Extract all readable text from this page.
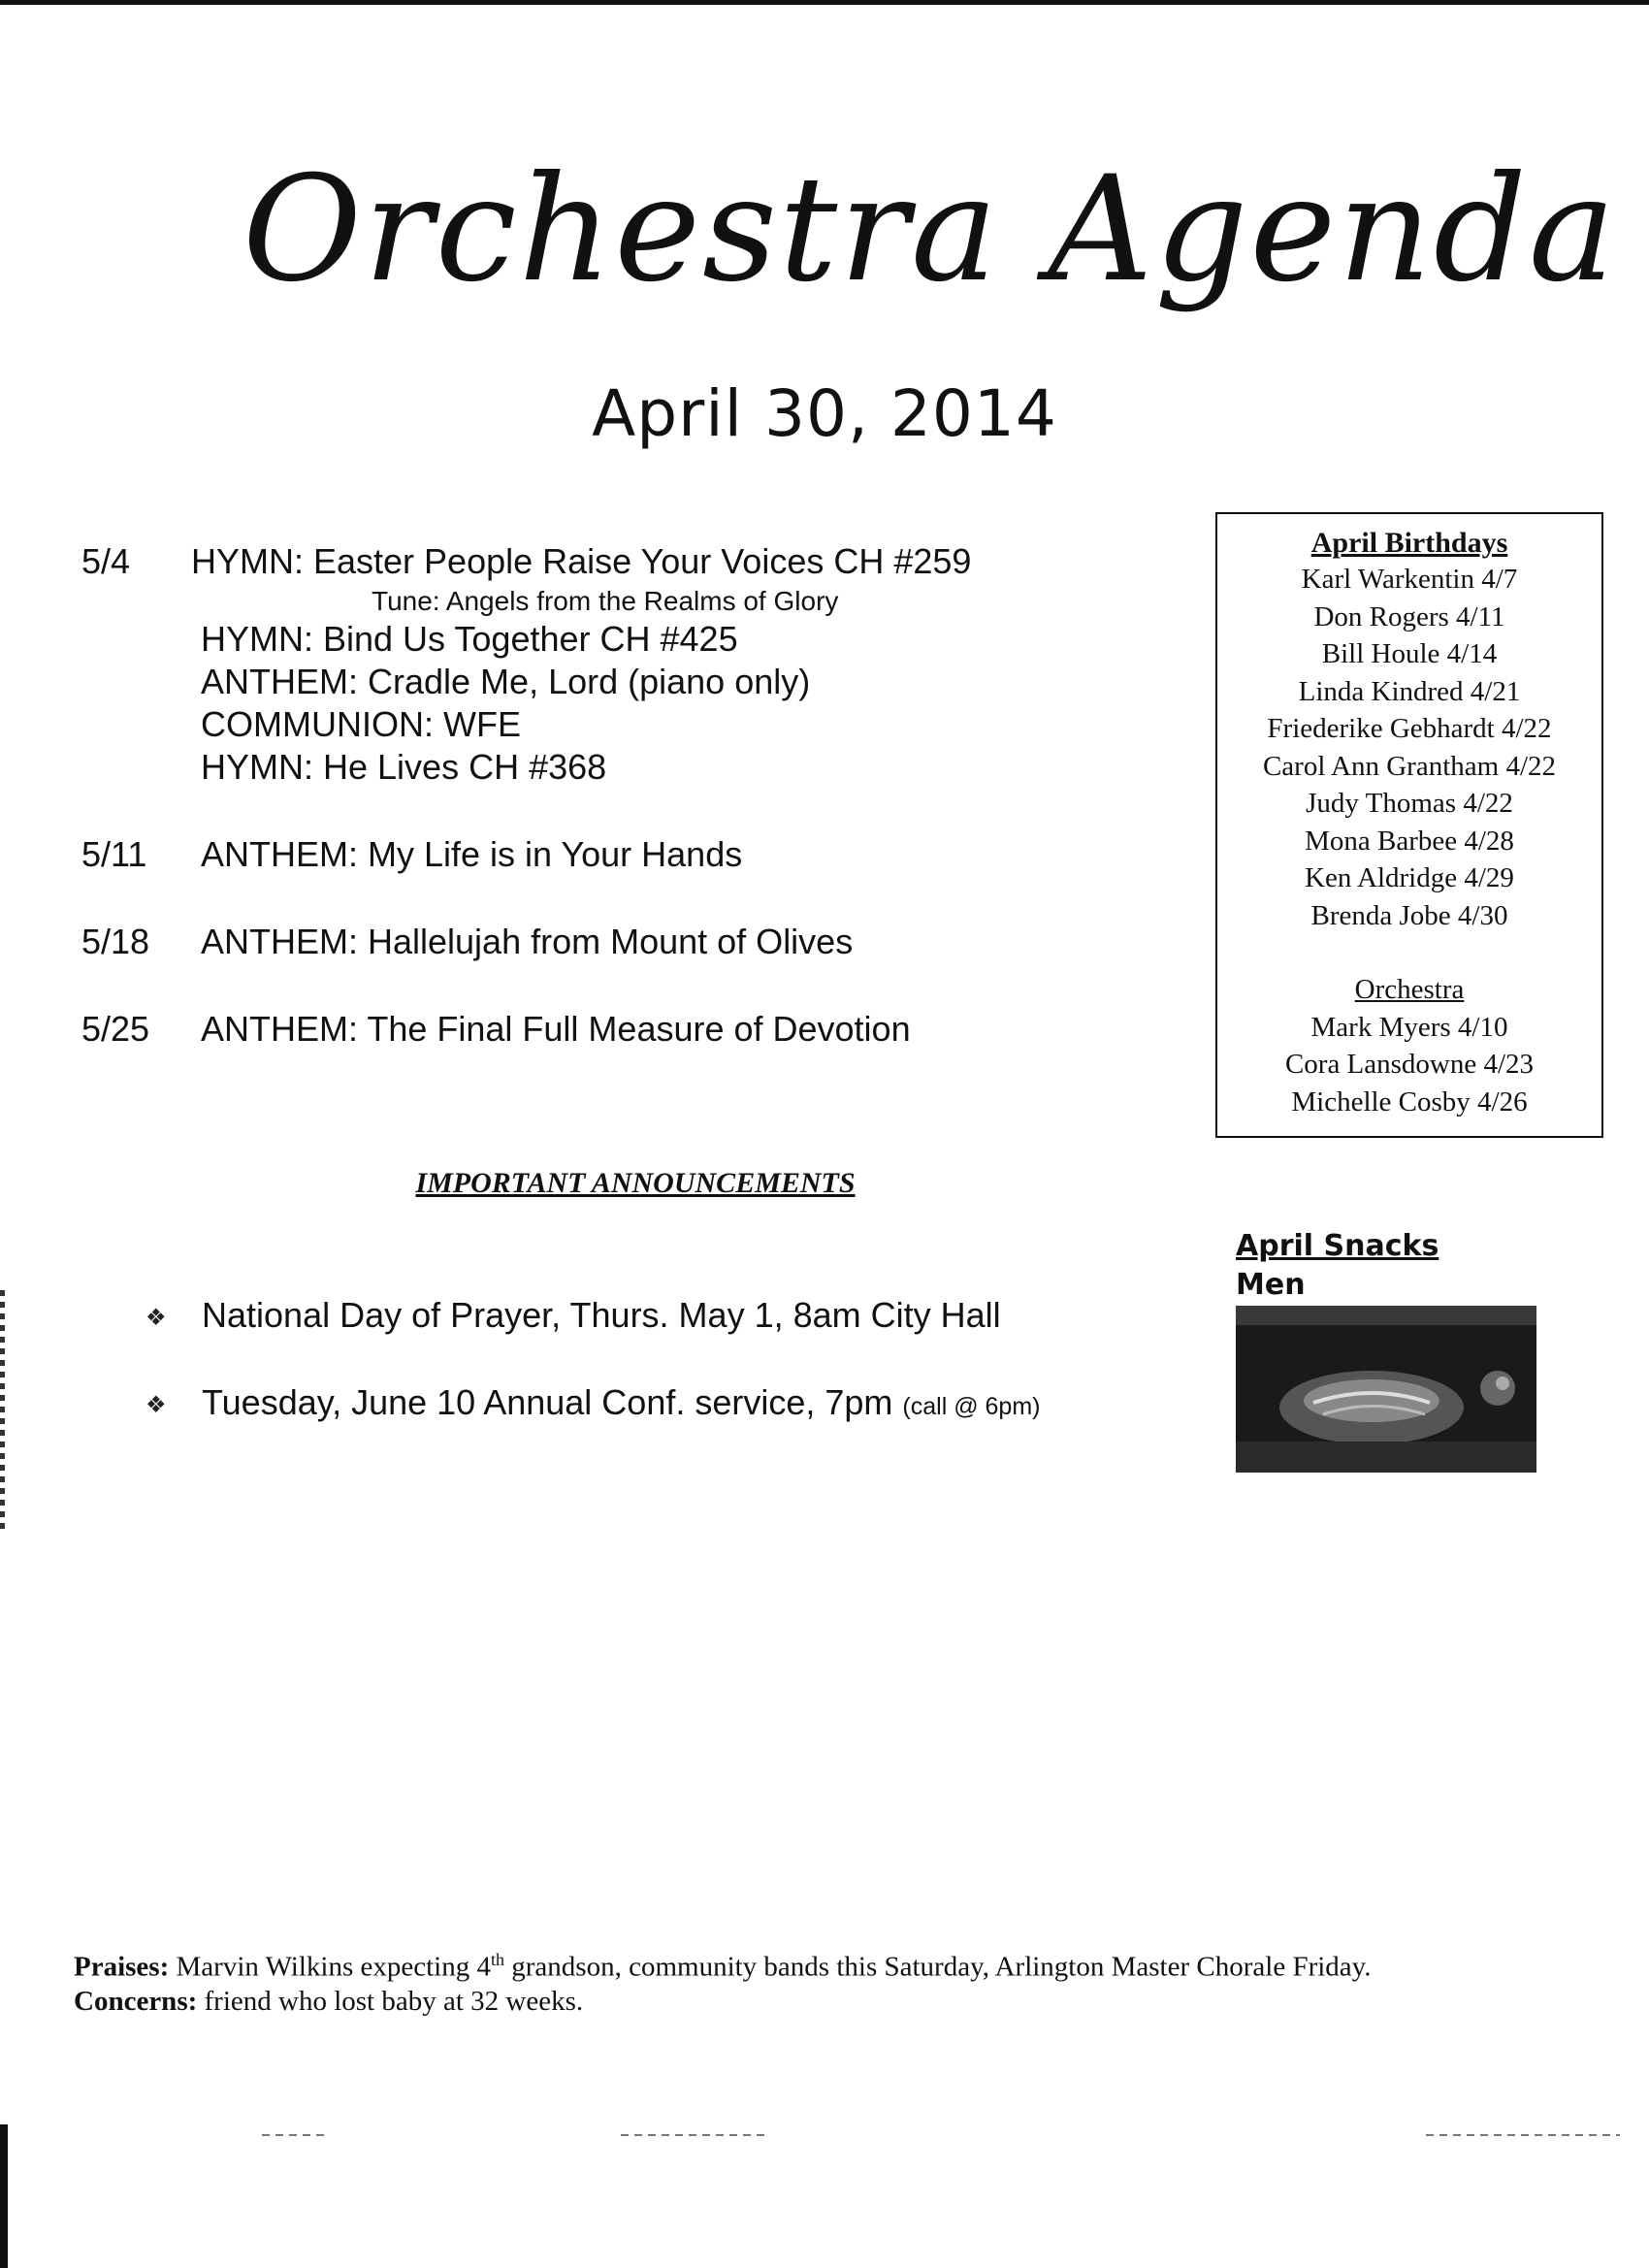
Orchestra Agenda
April 30, 2014
5/4 HYMN: Easter People Raise Your Voices CH #259
Tune: Angels from the Realms of Glory
HYMN: Bind Us Together CH #425
ANTHEM: Cradle Me, Lord (piano only)
COMMUNION: WFE
HYMN: He Lives CH #368
5/11 ANTHEM: My Life is in Your Hands
5/18 ANTHEM: Hallelujah from Mount of Olives
5/25 ANTHEM: The Final Full Measure of Devotion
April Birthdays
Karl Warkentin 4/7
Don Rogers 4/11
Bill Houle 4/14
Linda Kindred 4/21
Friederike Gebhardt 4/22
Carol Ann Grantham 4/22
Judy Thomas 4/22
Mona Barbee 4/28
Ken Aldridge 4/29
Brenda Jobe 4/30
Orchestra
Mark Myers 4/10
Cora Lansdowne 4/23
Michelle Cosby 4/26
IMPORTANT ANNOUNCEMENTS
❖ National Day of Prayer, Thurs. May 1, 8am City Hall
❖ Tuesday, June 10 Annual Conf. service, 7pm (call @ 6pm)
April Snacks
Men
Praises: Marvin Wilkins expecting 4th grandson, community bands this Saturday, Arlington Master Chorale Friday.
Concerns: friend who lost baby at 32 weeks.
